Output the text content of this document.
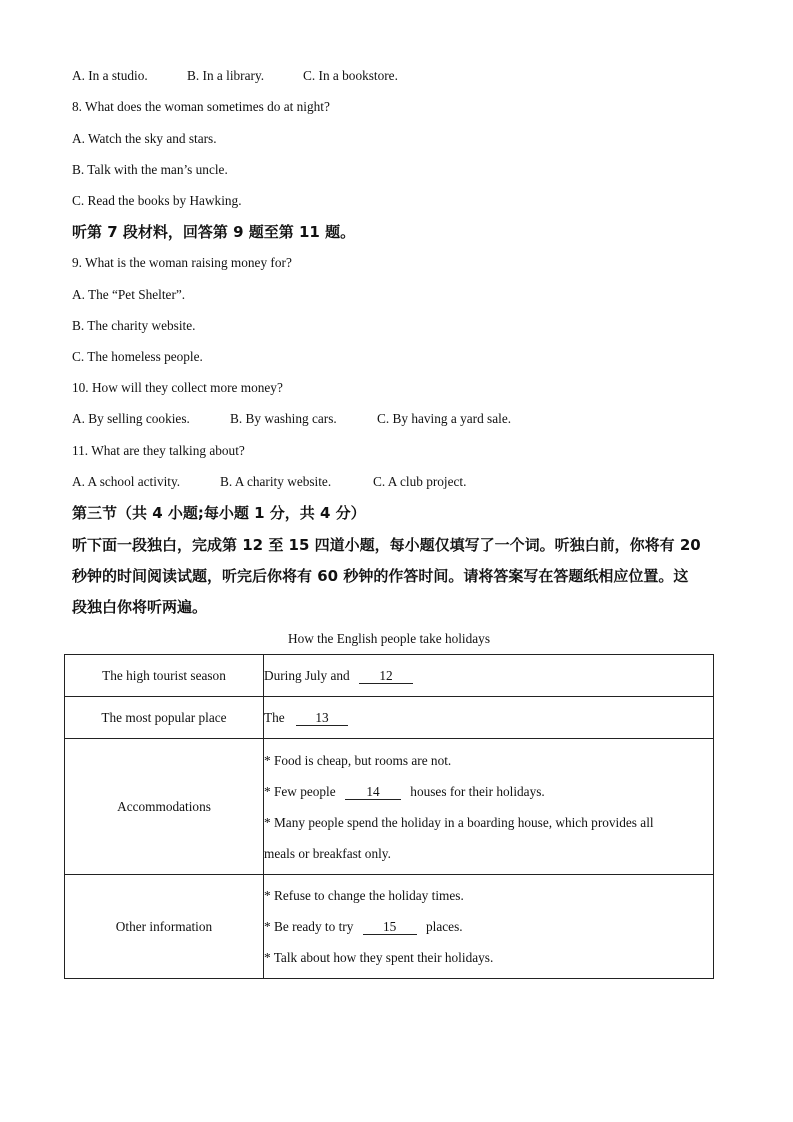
A. In a studio.	B. In a library.	C. In a bookstore.
8. What does the woman sometimes do at night?
A. Watch the sky and stars.
B. Talk with the man’s uncle.
C. Read the books by Hawking.
听第 7 段材料，回答第 9 题至第 11 题。
9. What is the woman raising money for?
A. The “Pet Shelter”.
B. The charity website.
C. The homeless people.
10. How will they collect more money?
A. By selling cookies.	B. By washing cars.	C. By having a yard sale.
11. What are they talking about?
A. A school activity.	B. A charity website.	C. A club project.
第三节（共 4 小题;每小题 1 分，共 4 分）
听下面一段独白，完成第 12 至 15 四道小题，每小题仅填写了一个词。听独白前，你将有 20
秒钟的时间阅读试题，听完后你将有 60 秒钟的作答时间。请将答案写在答题纸相应位置。这
段独白你将听两遍。
How the English people take holidays
The high tourist season	During July and 12
The most popular place	The 13
Accommodations	* Food is cheap, but rooms are not.
* Few people 14 houses for their holidays.
* Many people spend the holiday in a boarding house, which provides all
meals or breakfast only.

Other information	* Refuse to change the holiday times.
* Be ready to try 15 places.
* Talk about how they spent their holidays.
